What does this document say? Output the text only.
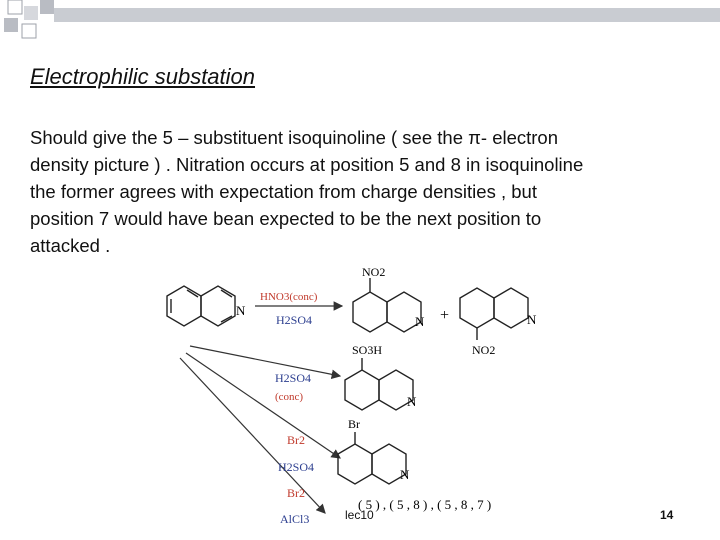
Electrophilic substation
Should give the 5 – substituent isoquinoline ( see the π- electron
density picture ) . Nitration occurs at position 5 and 8 in isoquinoline
the former agrees with expectation from charge densities , but
position 7 would have bean expected to be the next position to
attacked .
N
HNO3(conc)
H2SO4
H2SO4
(conc)
Br2
H2SO4
Br2
AlCl3
NO2
N +	N
NO2
SO3H
N
Br
N
( 5 ) , ( 5 , 8 ) , ( 5 , 8 , 7 )
lec10	14
